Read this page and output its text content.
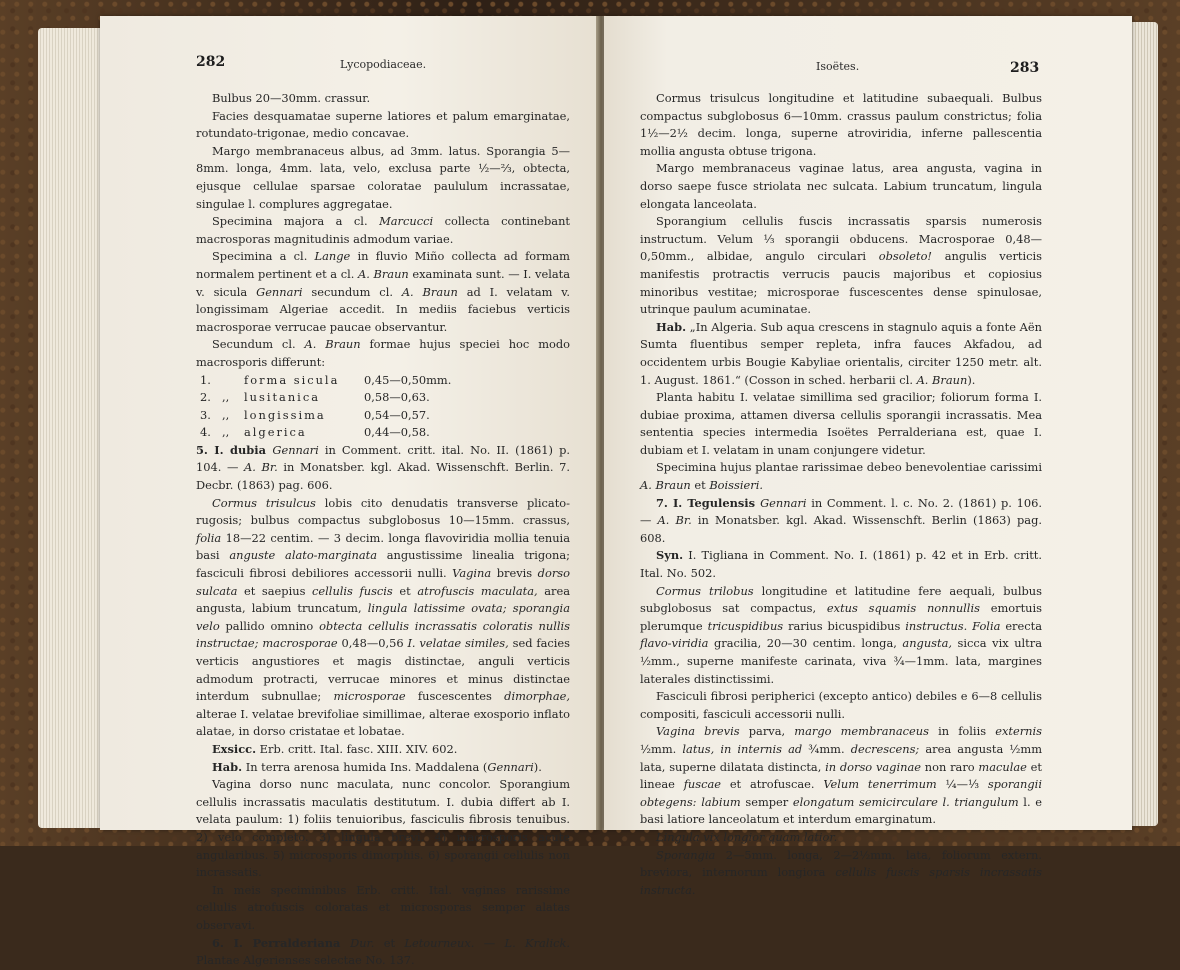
282	Lycopodiaceae.

Bulbus 20—30mm. crassur.

Facies desquamatae superne latiores et palum emarginatae, rotundato-trigonae, medio concavae.

Margo membranaceus albus, ad 3mm. latus. Sporangia 5—8mm. longa, 4mm. lata, velo, exclusa parte ½—⅔, obtecta, ejusque cellulae sparsae coloratae paululum incrassatae, singulae l. complures aggregatae.

Specimina majora a cl. Marcucci collecta continebant macrosporas magnitudinis admodum variae.

Specimina a cl. Lange in fluvio Miño collecta ad formam normalem pertinent et a cl. A. Braun examinata sunt. — I. velata v. sicula Gennari secundum cl. A. Braun ad I. velatam v. longissimam Algeriae accedit. In mediis faciebus verticis macrosporae verrucae paucae observantur.

Secundum cl. A. Braun formae hujus speciei hoc modo macrosporis differunt:

1.	forma sicula	0,45—0,50mm.
2. ,,	lusitanica	0,58—0,63.
3. ,,	longissima	0,54—0,57.
4. ,,	algerica	0,44—0,58.

5. I. dubia Gennari in Comment. critt. ital. No. II. (1861) p. 104. — A. Br. in Monatsber. kgl. Akad. Wissenschft. Berlin. 7. Decbr. (1863) pag. 606.

Cormus trisulcus lobis cito denudatis transverse plicato-rugosis; bulbus compactus subglobosus 10—15mm. crassus, folia 18—22 centim. — 3 decim. longa flavoviridia mollia tenuia basi anguste alato-marginata angustissime linealia trigona; fasciculi fibrosi debiliores accessorii nulli. Vagina brevis dorso sulcata et saepius cellulis fuscis et atrofuscis maculata, area angusta, labium truncatum, lingula latissime ovata; sporangia velo pallido omnino obtecta cellulis incrassatis coloratis nullis instructae; macrosporae 0,48—0,56 I. velatae similes, sed facies verticis angustiores et magis distinctae, anguli verticis admodum protracti, verrucae minores et minus distinctae interdum subnullae; microsporae fuscescentes dimorphae, alterae I. velatae brevifoliae simillimae, alterae exosporio inflato alatae, in dorso cristatae et lobatae.

Exsicc. Erb. critt. Ital. fasc. XIII. XIV. 602.

Hab. In terra arenosa humida Ins. Maddalena (Gennari).

Vagina dorso nunc maculata, nunc concolor. Sporangium cellulis incrassatis maculatis destitutum. I. dubia differt ab I. velata paulum: 1) foliis tenuioribus, fasciculis fibrosis tenuibus. 2) velo completo. 3) lingula brevi. 4) macrosporis acute angularibus. 5) microsporis dimorphis. 6) sporangii cellulis non incrassatis.

In meis speciminibus Erb. critt. Ital. vaginas rarissime cellulis atrofuscis coloratas et microsporas semper alatas observavi.

6. I. Perralderiana Dur. et Letourneux. — L. Kralick. Plantae Algerienses selectae No. 137.

Isoëtes.	283

Cormus trisulcus longitudine et latitudine subaequali. Bulbus compactus subglobosus 6—10mm. crassus paulum constrictus; folia 1½—2½ decim. longa, superne atroviridia, inferne pallescentia mollia angusta obtuse trigona.

Margo membranaceus vaginae latus, area angusta, vagina in dorso saepe fusce striolata nec sulcata. Labium truncatum, lingula elongata lanceolata.

Sporangium cellulis fuscis incrassatis sparsis numerosis instructum. Velum ⅓ sporangii obducens. Macrosporae 0,48—0,50mm., albidae, angulo circulari obsoleto! angulis verticis manifestis protractis verrucis paucis majoribus et copiosius minoribus vestitae; microsporae fuscescentes dense spinulosae, utrinque paulum acuminatae.

Hab. „In Algeria. Sub aqua crescens in stagnulo aquis a fonte Aën Sumta fluentibus semper repleta, infra fauces Akfadou, ad occidentem urbis Bougie Kabyliae orientalis, circiter 1250 metr. alt. 1. August. 1861.“ (Cosson in sched. herbarii cl. A. Braun).

Planta habitu I. velatae simillima sed gracilior; foliorum forma I. dubiae proxima, attamen diversa cellulis sporangii incrassatis. Mea sententia species intermedia Isoëtes Perralderiana est, quae I. dubiam et I. velatam in unam conjungere videtur.

Specimina hujus plantae rarissimae debeo benevolentiae carissimi A. Braun et Boissieri.

7. I. Tegulensis Gennari in Comment. l. c. No. 2. (1861) p. 106. — A. Br. in Monatsber. kgl. Akad. Wissenschft. Berlin (1863) pag. 608.

Syn. I. Tigliana in Comment. No. I. (1861) p. 42 et in Erb. critt. Ital. No. 502.

Cormus trilobus longitudine et latitudine fere aequali, bulbus subglobosus sat compactus, extus squamis nonnullis emortuis plerumque tricuspidibus rarius bicuspidibus instructus. Folia erecta flavo-viridia gracilia, 20—30 centim. longa, angusta, sicca vix ultra ½mm., superne manifeste carinata, viva ¾—1mm. lata, margines laterales distinctissimi.

Fasciculi fibrosi peripherici (excepto antico) debiles e 6—8 cellulis compositi, fasciculi accessorii nulli.

Vagina brevis parva, margo membranaceus in foliis externis ½mm. latus, in internis ad ¾mm. decrescens; area angusta ½mm lata, superne dilatata distincta, in dorso vaginae non raro maculae et lineae fuscae et atrofuscae. Velum tenerrimum ¼—⅓ sporangii obtegens: labium semper elongatum semicirculare l. triangulum l. e basi latiore lanceolatum et interdum emarginatum.

Lingula vix longior quam latior.

Sporangia 2—5mm. longa, 2—2½mm. lata, foliorum extern. breviora, internorum longiora cellulis fuscis sparsis incrassatis instructa.
